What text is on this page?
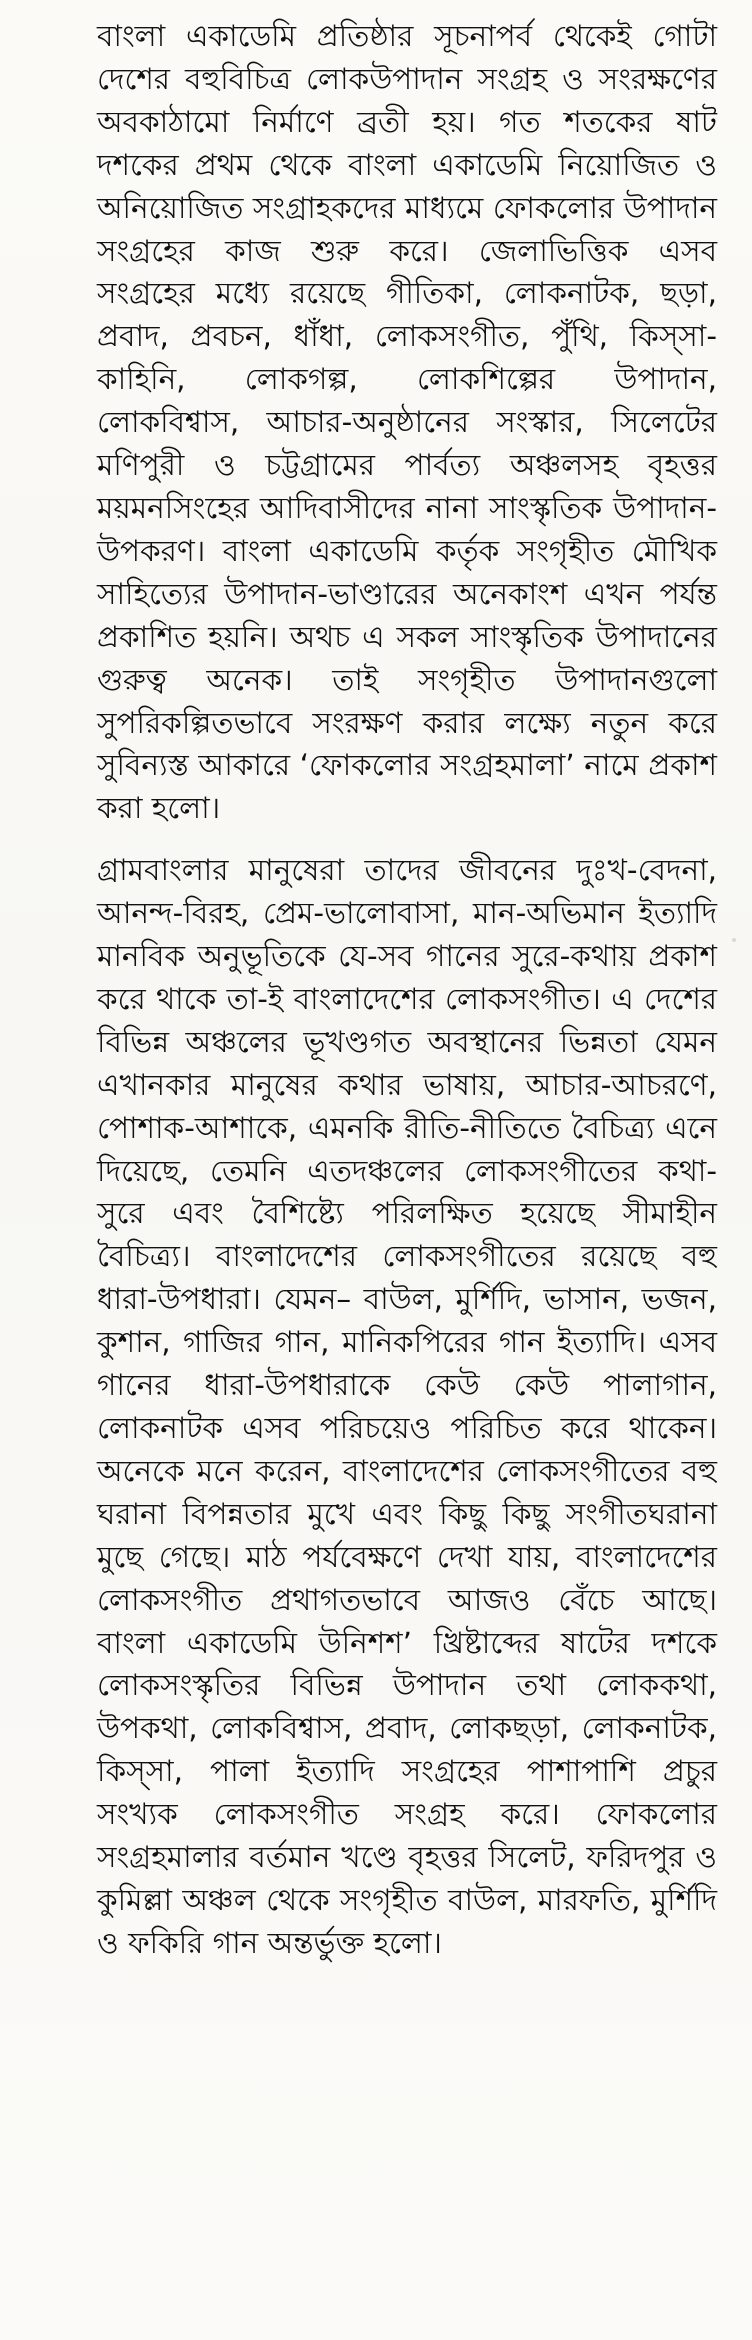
বাংলা একাডেমি প্রতিষ্ঠার সূচনাপর্ব থেকেই গোটা দেশের বহুবিচিত্র লোকউপাদান সংগ্রহ ও সংরক্ষণের অবকাঠামো নির্মাণে ব্রতী হয়। গত শতকের ষাট দশকের প্রথম থেকে বাংলা একাডেমি নিয়োজিত ও অনিয়োজিত সংগ্রাহকদের মাধ্যমে ফোকলোর উপাদান সংগ্রহের কাজ শুরু করে। জেলাভিত্তিক এসব সংগ্রহের মধ্যে রয়েছে গীতিকা, লোকনাটক, ছড়া, প্রবাদ, প্রবচন, ধাঁধা, লোকসংগীত, পুঁথি, কিস্সা-কাহিনি, লোকগল্প, লোকশিল্পের উপাদান, লোকবিশ্বাস, আচার-অনুষ্ঠানের সংস্কার, সিলেটের মণিপুরী ও চট্টগ্রামের পার্বত্য অঞ্চলসহ বৃহত্তর ময়মনসিংহের আদিবাসীদের নানা সাংস্কৃতিক উপাদান-উপকরণ। বাংলা একাডেমি কর্তৃক সংগৃহীত মৌখিক সাহিত্যের উপাদান-ভাণ্ডারের অনেকাংশ এখন পর্যন্ত প্রকাশিত হয়নি। অথচ এ সকল সাংস্কৃতিক উপাদানের গুরুত্ব অনেক। তাই সংগৃহীত উপাদানগুলো সুপরিকল্পিতভাবে সংরক্ষণ করার লক্ষ্যে নতুন করে সুবিন্যস্ত আকারে ‘ফোকলোর সংগ্রহমালা’ নামে প্রকাশ করা হলো।

গ্রামবাংলার মানুষেরা তাদের জীবনের দুঃখ-বেদনা, আনন্দ-বিরহ, প্রেম-ভালোবাসা, মান-অভিমান ইত্যাদি মানবিক অনুভূতিকে যে-সব গানের সুরে-কথায় প্রকাশ করে থাকে তা-ই বাংলাদেশের লোকসংগীত। এ দেশের বিভিন্ন অঞ্চলের ভূখণ্ডগত অবস্থানের ভিন্নতা যেমন এখানকার মানুষের কথার ভাষায়, আচার-আচরণে, পোশাক-আশাকে, এমনকি রীতি-নীতিতে বৈচিত্র্য এনে দিয়েছে, তেমনি এতদঞ্চলের লোকসংগীতের কথা-সুরে এবং বৈশিষ্ট্যে পরিলক্ষিত হয়েছে সীমাহীন বৈচিত্র্য। বাংলাদেশের লোকসংগীতের রয়েছে বহু ধারা-উপধারা। যেমন– বাউল, মুর্শিদি, ভাসান, ভজন, কুশান, গাজির গান, মানিকপিরের গান ইত্যাদি। এসব গানের ধারা-উপধারাকে কেউ কেউ পালাগান, লোকনাটক এসব পরিচয়েও পরিচিত করে থাকেন। অনেকে মনে করেন, বাংলাদেশের লোকসংগীতের বহু ঘরানা বিপন্নতার মুখে এবং কিছু কিছু সংগীতঘরানা মুছে গেছে। মাঠ পর্যবেক্ষণে দেখা যায়, বাংলাদেশের লোকসংগীত প্রথাগতভাবে আজও বেঁচে আছে। বাংলা একাডেমি উনিশশ’ খ্রিষ্টাব্দের ষাটের দশকে লোকসংস্কৃতির বিভিন্ন উপাদান তথা লোককথা, উপকথা, লোকবিশ্বাস, প্রবাদ, লোকছড়া, লোকনাটক, কিস্সা, পালা ইত্যাদি সংগ্রহের পাশাপাশি প্রচুর সংখ্যক লোকসংগীত সংগ্রহ করে। ফোকলোর সংগ্রহমালার বর্তমান খণ্ডে বৃহত্তর সিলেট, ফরিদপুর ও কুমিল্লা অঞ্চল থেকে সংগৃহীত বাউল, মারফতি, মুর্শিদি ও ফকিরি গান অন্তর্ভুক্ত হলো।
